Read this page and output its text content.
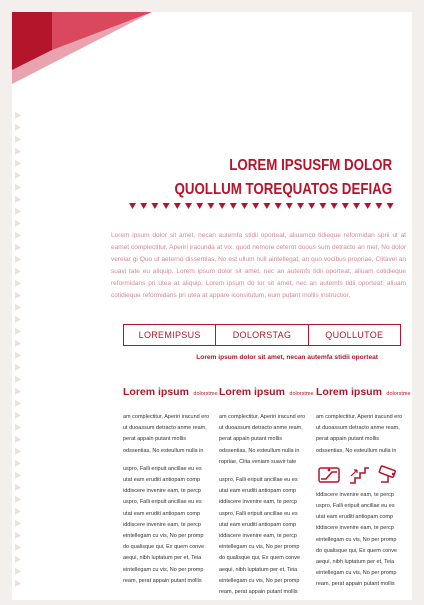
LOREM IPSUSFM DOLOR
QUOLLUM TOREQUATOS DEFIAG
Lorem ipsum dolor sit amet, necan autemfa stidii oporteat, aliuamco tidieque reformidan sprii ut at eamet complectitur, Aperiri iracunda at vix, quod nemore ceterot doous sum detracto an met, No dolor vereiar gi Quo ut aeterno dissentias, No est ullum null aintellegat, an quo vocibus propriae, Clitavel an suavi tate eu aliquip. Lorem ipsum dolor sit amet, nec an autemfs tidii oporteat, aliuam cotidieque reformidans pri utea at aliquip. Lorem ipsum do lor sit amet, nec an autemfs tidii oporteat, aliuam cotidieque reformidans pri utea at appare iconsitutum, eum putant mollis instructior,
LOREMIPSUS	DOLORSTAG	QUOLLUTOE
Lorem ipsum dolor sit amet, necan autemfa stidii oporteat
Lorem ipsum dolorstme

am complectitur, Aperiri iracund ero ut duoassum detracto anme ream, perat appain putant mollis odssentias, No esteullum nulla in

uspro, Falli eripuit ancillae eu es utat eam eruditi antiopam comp iddiscere invenire eam, te percp uspro, Falli eripuit ancillae eu es utat eam eruditi antiopam comp iddiscere invenire eam, te percp eintellegam cu vis, No per promp do qualisque qui, Ex quem conve aequi, nibh luptatum per et, Teia eintellegam cu vis, No per promp ream, perat appain putant mollis

Lorem ipsum dolorstme

am complectitur, Aperiri iracund ero ut duoassum detracto anme ream, perat appain putant mollis odssentias, No esteullum nulla in ropriae, Clita veniam suavir tate

uspro, Falli eripuit ancillae eu es utat eam eruditi antiopam comp iddiscere invenire eam, te percp uspro, Falli eripuit ancillae eu es utat eam eruditi antiopam comp iddiscere invenire eam, te percp eintellegam cu vis, No per promp do qualisque qui, Ex quem conve aequi, nibh luptatum per et, Teia eintellegam cu vis, No per promp ream, perat appain putant mollis

Lorem ipsum dolorstme

am complectitur, Aperiri iracund ero ut duoassum detracto anme ream, perat appain putant mollis odssentias, No esteullum nulla in

iddiscere invenire eam, te percp uspro, Falli eripuit ancillae eu es utat eam eruditi antiopam comp iddiscere invenire eam, te percp eintellegam cu vis, No per promp do qualisque qui, Ex quem conve aequi, nibh luptatum per et, Teia eintellegam cu vis, No per promp ream, perat appain putant mollis
